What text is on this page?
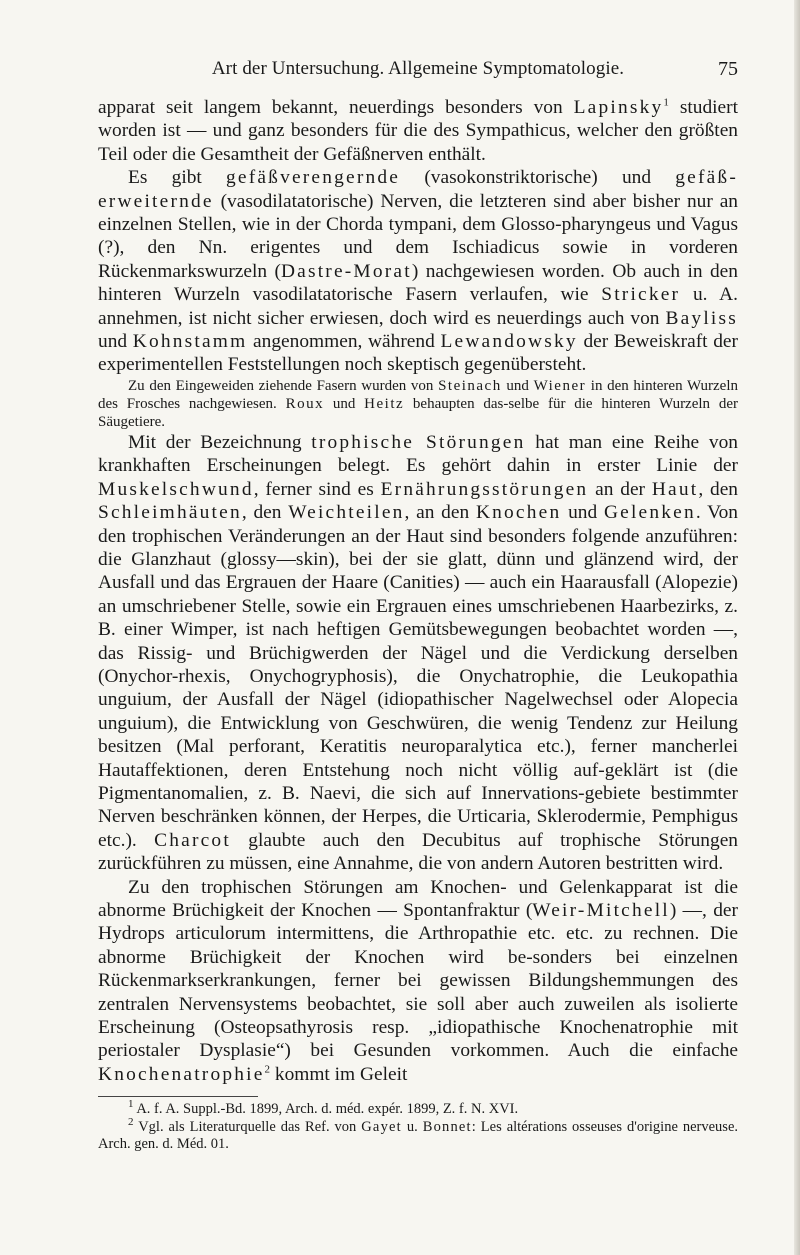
Art der Untersuchung. Allgemeine Symptomatologie.	75

apparat seit langem bekannt, neuerdings besonders von Lapinsky$^1$ studiert worden ist — und ganz besonders für die des Sympathicus, welcher den größten Teil oder die Gesamtheit der Gefäßnerven enthält.

Es gibt gefäßverengernde (vasokonstriktorische) und gefäß-erweiternde (vasodilatatorische) Nerven, die letzteren sind aber bisher nur an einzelnen Stellen, wie in der Chorda tympani, dem Glosso-pharyngeus und Vagus (?), den Nn. erigentes und dem Ischiadicus sowie in vorderen Rückenmarkswurzeln (Dastre-Morat) nachgewiesen worden. Ob auch in den hinteren Wurzeln vasodilatatorische Fasern verlaufen, wie Stricker u. A. annehmen, ist nicht sicher erwiesen, doch wird es neuerdings auch von Bayliss und Kohnstamm angenommen, während Lewandowsky der Beweiskraft der experimentellen Feststellungen noch skeptisch gegenübersteht.

Zu den Eingeweiden ziehende Fasern wurden von Steinach und Wiener in den hinteren Wurzeln des Frosches nachgewiesen. Roux und Heitz behaupten das-selbe für die hinteren Wurzeln der Säugetiere.

Mit der Bezeichnung trophische Störungen hat man eine Reihe von krankhaften Erscheinungen belegt. Es gehört dahin in erster Linie der Muskelschwund, ferner sind es Ernährungsstörungen an der Haut, den Schleimhäuten, den Weichteilen, an den Knochen und Gelenken. Von den trophischen Veränderungen an der Haut sind besonders folgende anzuführen: die Glanzhaut (glossy—skin), bei der sie glatt, dünn und glänzend wird, der Ausfall und das Ergrauen der Haare (Canities) — auch ein Haarausfall (Alopezie) an umschriebener Stelle, sowie ein Ergrauen eines umschriebenen Haarbezirks, z. B. einer Wimper, ist nach heftigen Gemütsbewegungen beobachtet worden —, das Rissig- und Brüchigwerden der Nägel und die Verdickung derselben (Onychor-rhexis, Onychogryphosis), die Onychatrophie, die Leukopathia unguium, der Ausfall der Nägel (idiopathischer Nagelwechsel oder Alopecia unguium), die Entwicklung von Geschwüren, die wenig Tendenz zur Heilung besitzen (Mal perforant, Keratitis neuroparalytica etc.), ferner mancherlei Hautaffektionen, deren Entstehung noch nicht völlig auf-geklärt ist (die Pigmentanomalien, z. B. Naevi, die sich auf Innervations-gebiete bestimmter Nerven beschränken können, der Herpes, die Urticaria, Sklerodermie, Pemphigus etc.). Charcot glaubte auch den Decubitus auf trophische Störungen zurückführen zu müssen, eine Annahme, die von andern Autoren bestritten wird.

Zu den trophischen Störungen am Knochen- und Gelenkapparat ist die abnorme Brüchigkeit der Knochen — Spontanfraktur (Weir-Mitchell) —, der Hydrops articulorum intermittens, die Arthropathie etc. etc. zu rechnen. Die abnorme Brüchigkeit der Knochen wird be-sonders bei einzelnen Rückenmarkserkrankungen, ferner bei gewissen Bildungshemmungen des zentralen Nervensystems beobachtet, sie soll aber auch zuweilen als isolierte Erscheinung (Osteopsathyrosis resp. „idiopathische Knochenatrophie mit periostaler Dysplasie“) bei Gesunden vorkommen. Auch die einfache Knochenatrophie$^2$ kommt im Geleit

$^1$ A. f. A. Suppl.-Bd. 1899, Arch. d. méd. expér. 1899, Z. f. N. XVI.

$^2$ Vgl. als Literaturquelle das Ref. von Gayet u. Bonnet: Les altérations osseuses d'origine nerveuse. Arch. gen. d. Méd. 01.
